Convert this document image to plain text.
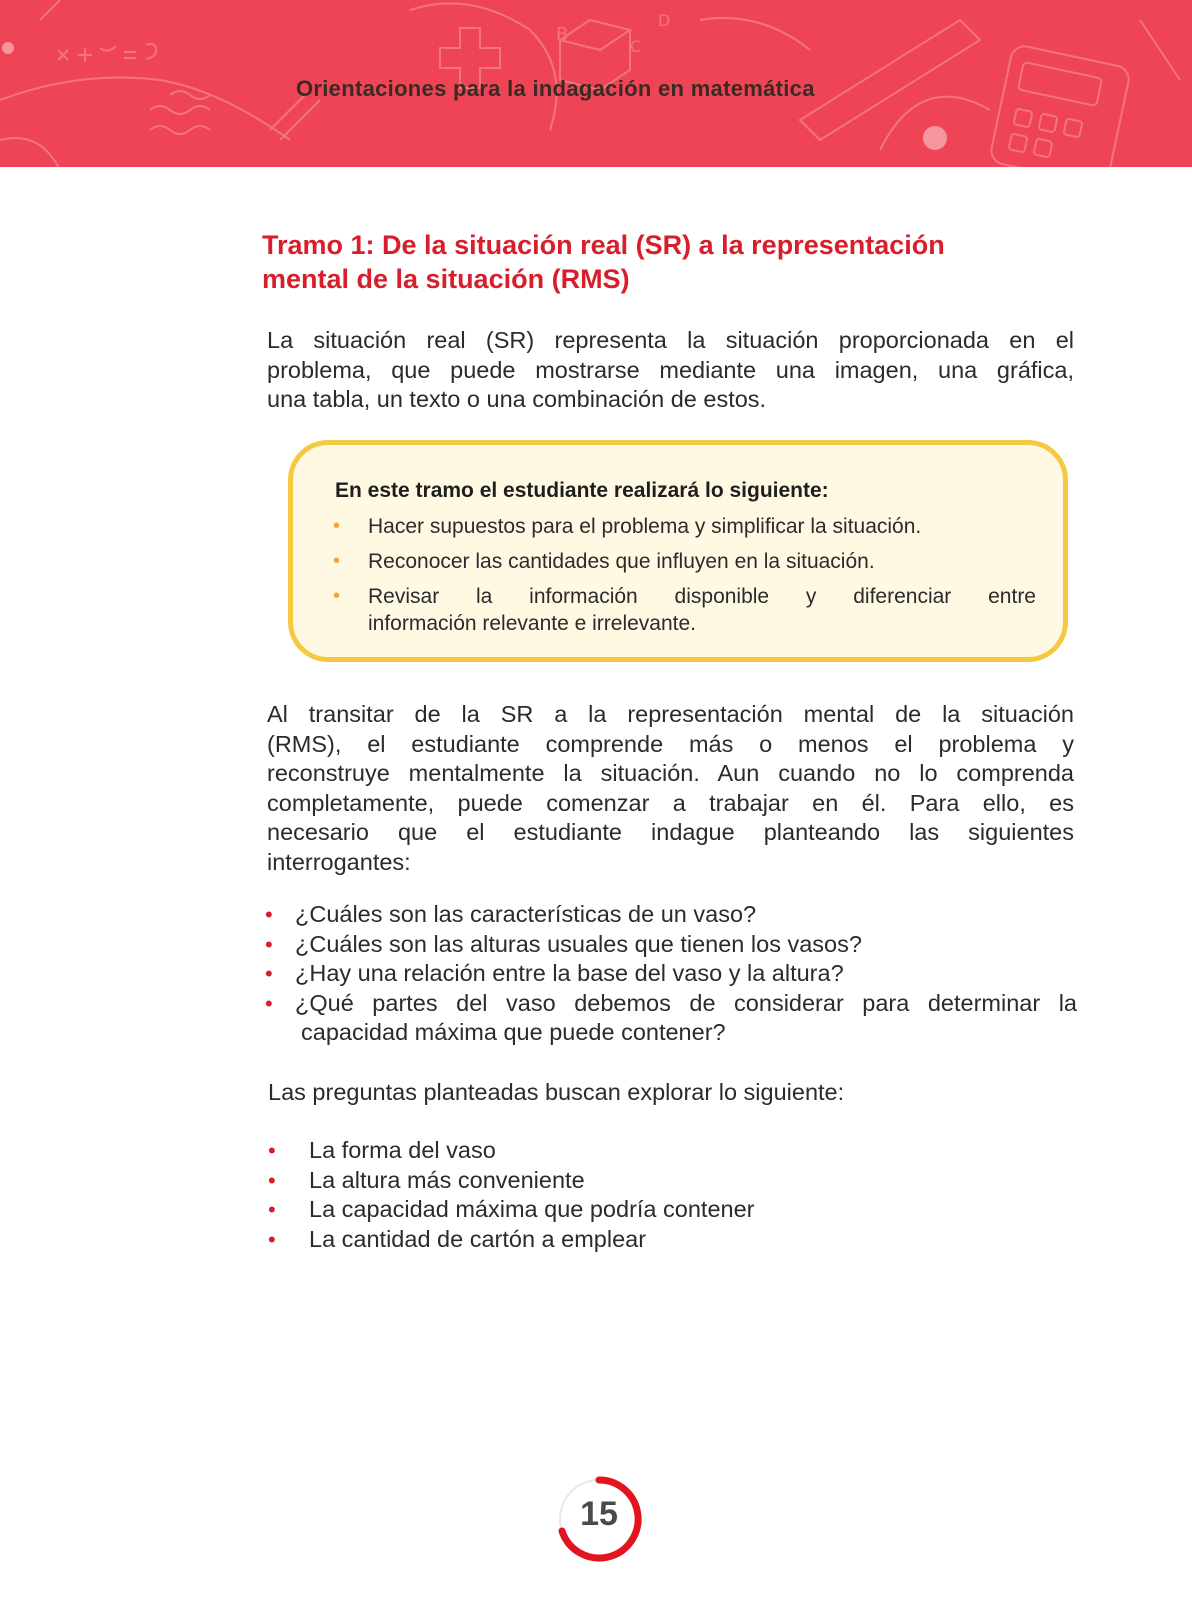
B
C
D
Orientaciones para la indagación en matemática
Tramo 1: De la situación real (SR) a la representación
mental de la situación (RMS)
La situación real (SR) representa la situación proporcionada en el
problema, que puede mostrarse mediante una imagen, una gráfica,
una tabla, un texto o una combinación de estos.
En este tramo el estudiante realizará lo siguiente:
• Hacer supuestos para el problema y simplificar la situación.
• Reconocer las cantidades que influyen en la situación.
• Revisar la información disponible y diferenciar entre
información relevante e irrelevante.
Al transitar de la SR a la representación mental de la situación
(RMS), el estudiante comprende más o menos el problema y
reconstruye mentalmente la situación. Aun cuando no lo comprenda
completamente, puede comenzar a trabajar en él. Para ello, es
necesario que el estudiante indague planteando las siguientes
interrogantes:
• ¿Cuáles son las características de un vaso?
• ¿Cuáles son las alturas usuales que tienen los vasos?
• ¿Hay una relación entre la base del vaso y la altura?
• ¿Qué partes del vaso debemos de considerar para determinar la
capacidad máxima que puede contener?
Las preguntas planteadas buscan explorar lo siguiente:
• La forma del vaso
• La altura más conveniente
• La capacidad máxima que podría contener
• La cantidad de cartón a emplear
15
